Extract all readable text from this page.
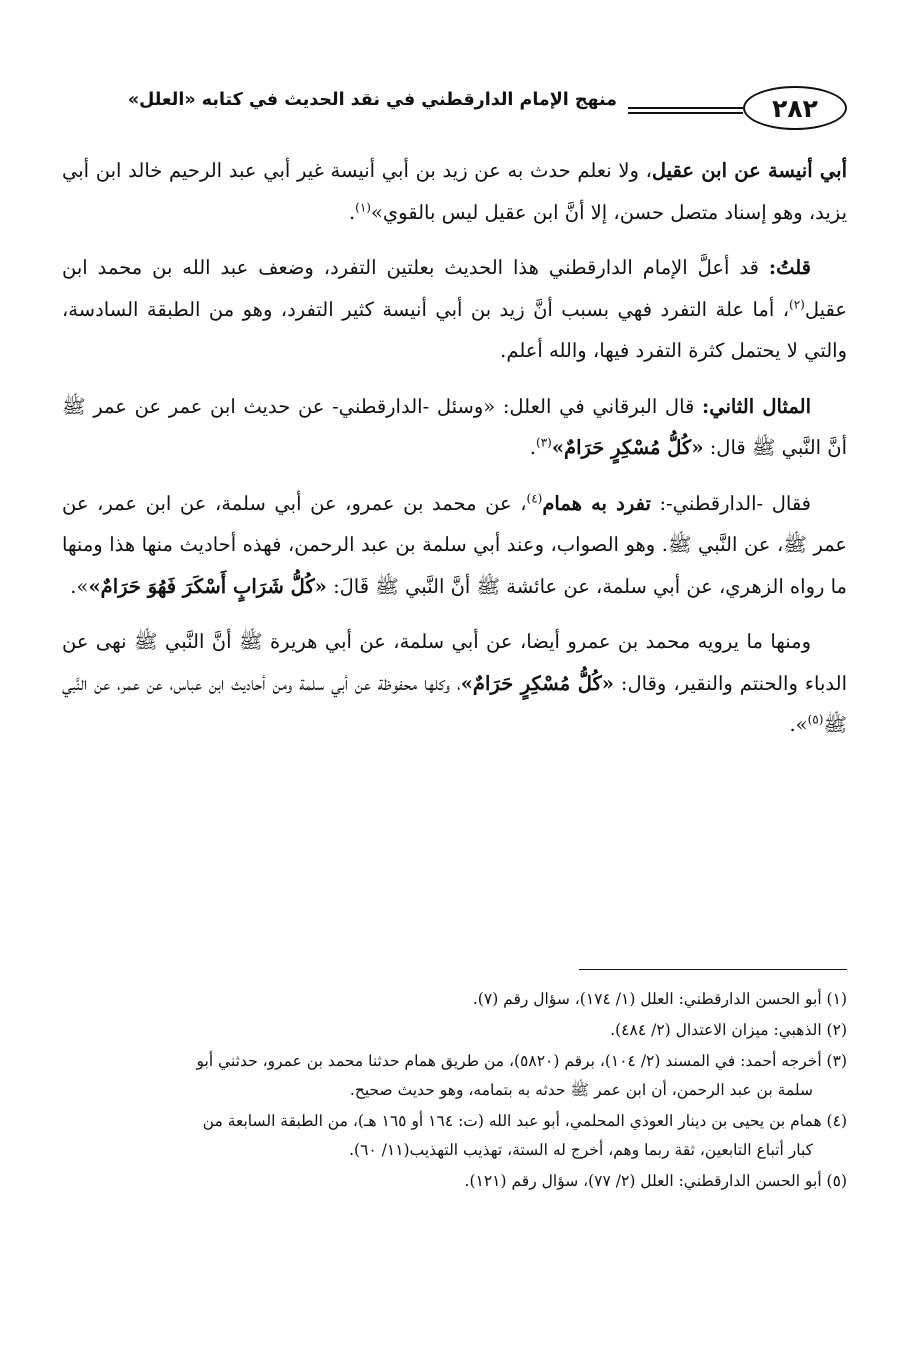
٢٨٢
منهج الإمام الدارقطني في نقد الحديث في كتابه «العلل»

أبي أنيسة عن ابن عقيل، ولا نعلم حدث به عن زيد بن أبي أنيسة غير أبي عبد الرحيم خالد ابن أبي يزيد، وهو إسناد متصل حسن، إلا أنَّ ابن عقيل ليس بالقوي»$^{(١)}$.

قلتُ: قد أعلَّ الإمام الدارقطني هذا الحديث بعلتين التفرد، وضعف عبد الله بن محمد ابن عقيل$^{(٢)}$، أما علة التفرد فهي بسبب أنَّ زيد بن أبي أنيسة كثير التفرد، وهو من الطبقة السادسة، والتي لا يحتمل كثرة التفرد فيها، والله أعلم.

المثال الثاني: قال البرقاني في العلل: «وسئل -الدارقطني- عن حديث ابن عمر عن عمر ﷺ أنَّ النَّبي ﷺ قال: «كُلُّ مُسْكِرٍ حَرَامٌ»$^{(٣)}$.

فقال -الدارقطني-: تفرد به همام$^{(٤)}$، عن محمد بن عمرو، عن أبي سلمة، عن ابن عمر، عن عمر ﷺ، عن النَّبي ﷺ. وهو الصواب، وعند أبي سلمة بن عبد الرحمن، فهذه أحاديث منها هذا ومنها ما رواه الزهري، عن أبي سلمة، عن عائشة ﷺ أنَّ النَّبي ﷺ قَالَ: «كُلُّ شَرَابٍ أَسْكَرَ فَهُوَ حَرَامٌ»».

ومنها ما يرويه محمد بن عمرو أيضا، عن أبي سلمة، عن أبي هريرة ﷺ أنَّ النَّبي ﷺ نهى عن الدباء والحنتم والنقير، وقال: «كُلُّ مُسْكِرٍ حَرَامٌ»، وكلها محفوظة عن أبي سلمة ومن أحاديث ابن عباس، عن عمر، عن النَّبي ﷺ$^{(٥)}$».

(١) أبو الحسن الدارقطني: العلل (١/ ١٧٤)، سؤال رقم (٧).
(٢) الذهبي: ميزان الاعتدال (٢/ ٤٨٤).
(٣) أخرجه أحمد: في المسند (٢/ ١٠٤)، برقم (٥٨٢٠)، من طريق همام حدثنا محمد بن عمرو، حدثني أبو
سلمة بن عبد الرحمن، أن ابن عمر ﷺ حدثه به بتمامه، وهو حديث صحيح.
(٤) همام بن يحيى بن دينار العوذي المحلمي، أبو عبد الله (ت: ١٦٤ أو ١٦٥ هـ)، من الطبقة السابعة من
كبار أتباع التابعين، ثقة ربما وهم، أخرج له الستة، تهذيب التهذيب(١١/ ٦٠).
(٥) أبو الحسن الدارقطني: العلل (٢/ ٧٧)، سؤال رقم (١٢١).
